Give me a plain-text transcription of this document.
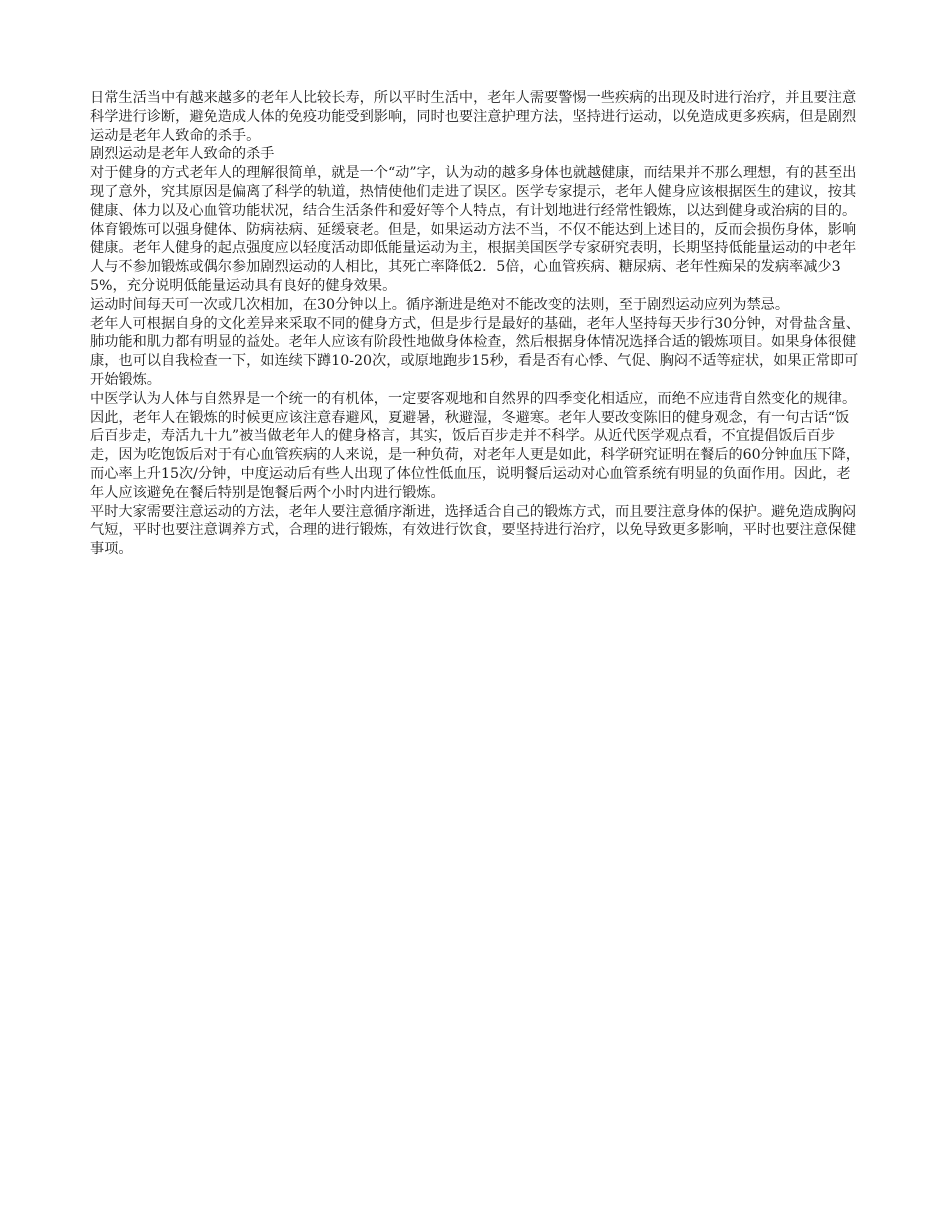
日常生活当中有越来越多的老年人比较长寿，所以平时生活中，老年人需要警惕一些疾病的出现及时进行治疗，并且要注意科学进行诊断，避免造成人体的免疫功能受到影响，同时也要注意护理方法，坚持进行运动，以免造成更多疾病，但是剧烈运动是老年人致命的杀手。

剧烈运动是老年人致命的杀手

对于健身的方式老年人的理解很简单，就是一个“动”字，认为动的越多身体也就越健康，而结果并不那么理想，有的甚至出现了意外，究其原因是偏离了科学的轨道，热情使他们走进了误区。医学专家提示，老年人健身应该根据医生的建议，按其健康、体力以及心血管功能状况，结合生活条件和爱好等个人特点，有计划地进行经常性锻炼，以达到健身或治病的目的。

体育锻炼可以强身健体、防病祛病、延缓衰老。但是，如果运动方法不当，不仅不能达到上述目的，反而会损伤身体，影响健康。老年人健身的起点强度应以轻度活动即低能量运动为主，根据美国医学专家研究表明，长期坚持低能量运动的中老年人与不参加锻炼或偶尔参加剧烈运动的人相比，其死亡率降低2．5倍，心血管疾病、糖尿病、老年性痴呆的发病率减少35%，充分说明低能量运动具有良好的健身效果。

运动时间每天可一次或几次相加，在30分钟以上。循序渐进是绝对不能改变的法则，至于剧烈运动应列为禁忌。

老年人可根据自身的文化差异来采取不同的健身方式，但是步行是最好的基础，老年人坚持每天步行30分钟，对骨盐含量、肺功能和肌力都有明显的益处。老年人应该有阶段性地做身体检查，然后根据身体情况选择合适的锻炼项目。如果身体很健康，也可以自我检查一下，如连续下蹲10-20次，或原地跑步15秒，看是否有心悸、气促、胸闷不适等症状，如果正常即可开始锻炼。

中医学认为人体与自然界是一个统一的有机体，一定要客观地和自然界的四季变化相适应，而绝不应违背自然变化的规律。因此，老年人在锻炼的时候更应该注意春避风，夏避暑，秋避湿，冬避寒。老年人要改变陈旧的健身观念，有一句古话“饭后百步走，寿活九十九”被当做老年人的健身格言，其实，饭后百步走并不科学。从近代医学观点看，不宜提倡饭后百步走，因为吃饱饭后对于有心血管疾病的人来说，是一种负荷，对老年人更是如此，科学研究证明在餐后的60分钟血压下降，而心率上升15次/分钟，中度运动后有些人出现了体位性低血压，说明餐后运动对心血管系统有明显的负面作用。因此，老年人应该避免在餐后特别是饱餐后两个小时内进行锻炼。

平时大家需要注意运动的方法，老年人要注意循序渐进，选择适合自己的锻炼方式，而且要注意身体的保护。避免造成胸闷气短，平时也要注意调养方式，合理的进行锻炼，有效进行饮食，要坚持进行治疗，以免导致更多影响，平时也要注意保健事项。
